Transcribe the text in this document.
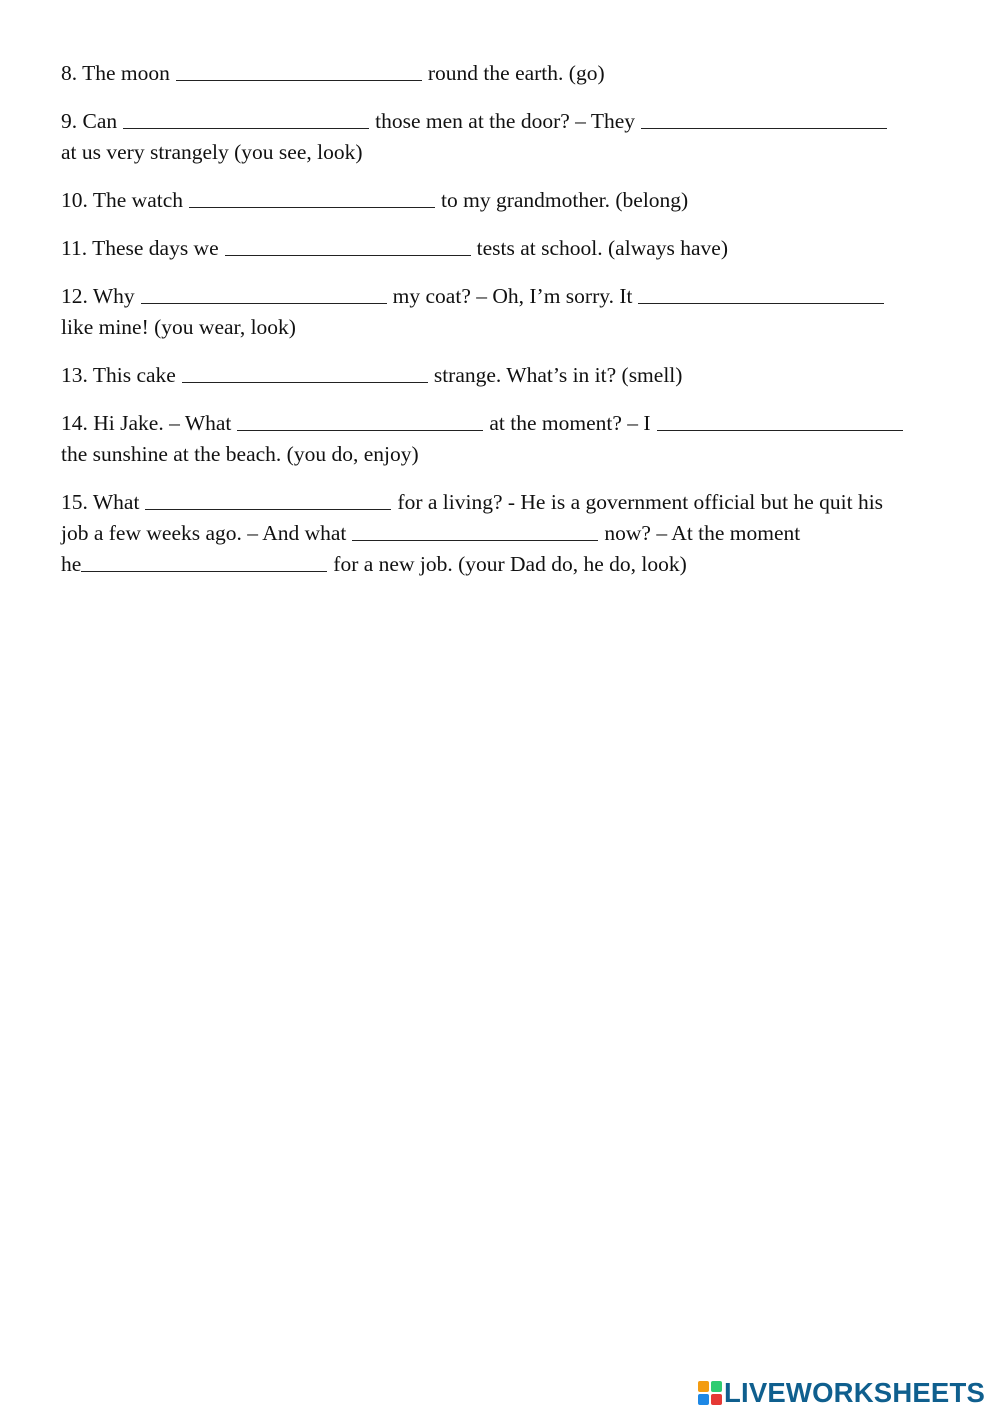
8. The moon	round the earth. (go)
9. Can	those men at the door? – They
at us very strangely (you see, look)
10. The watch	to my grandmother. (belong)
11. These days we	tests at school. (always have)
12. Why	my coat? – Oh, I’m sorry. It
like mine! (you wear, look)
13. This cake	strange. What’s in it? (smell)
14. Hi Jake. – What	at the moment? – I
the sunshine at the beach. (you do, enjoy)
15. What	for a living? - He is a government official but he quit his
job a few weeks ago. – And what	now? – At the moment
he	for a new job. (your Dad do, he do, look)
LIVEWORKSHEETS
